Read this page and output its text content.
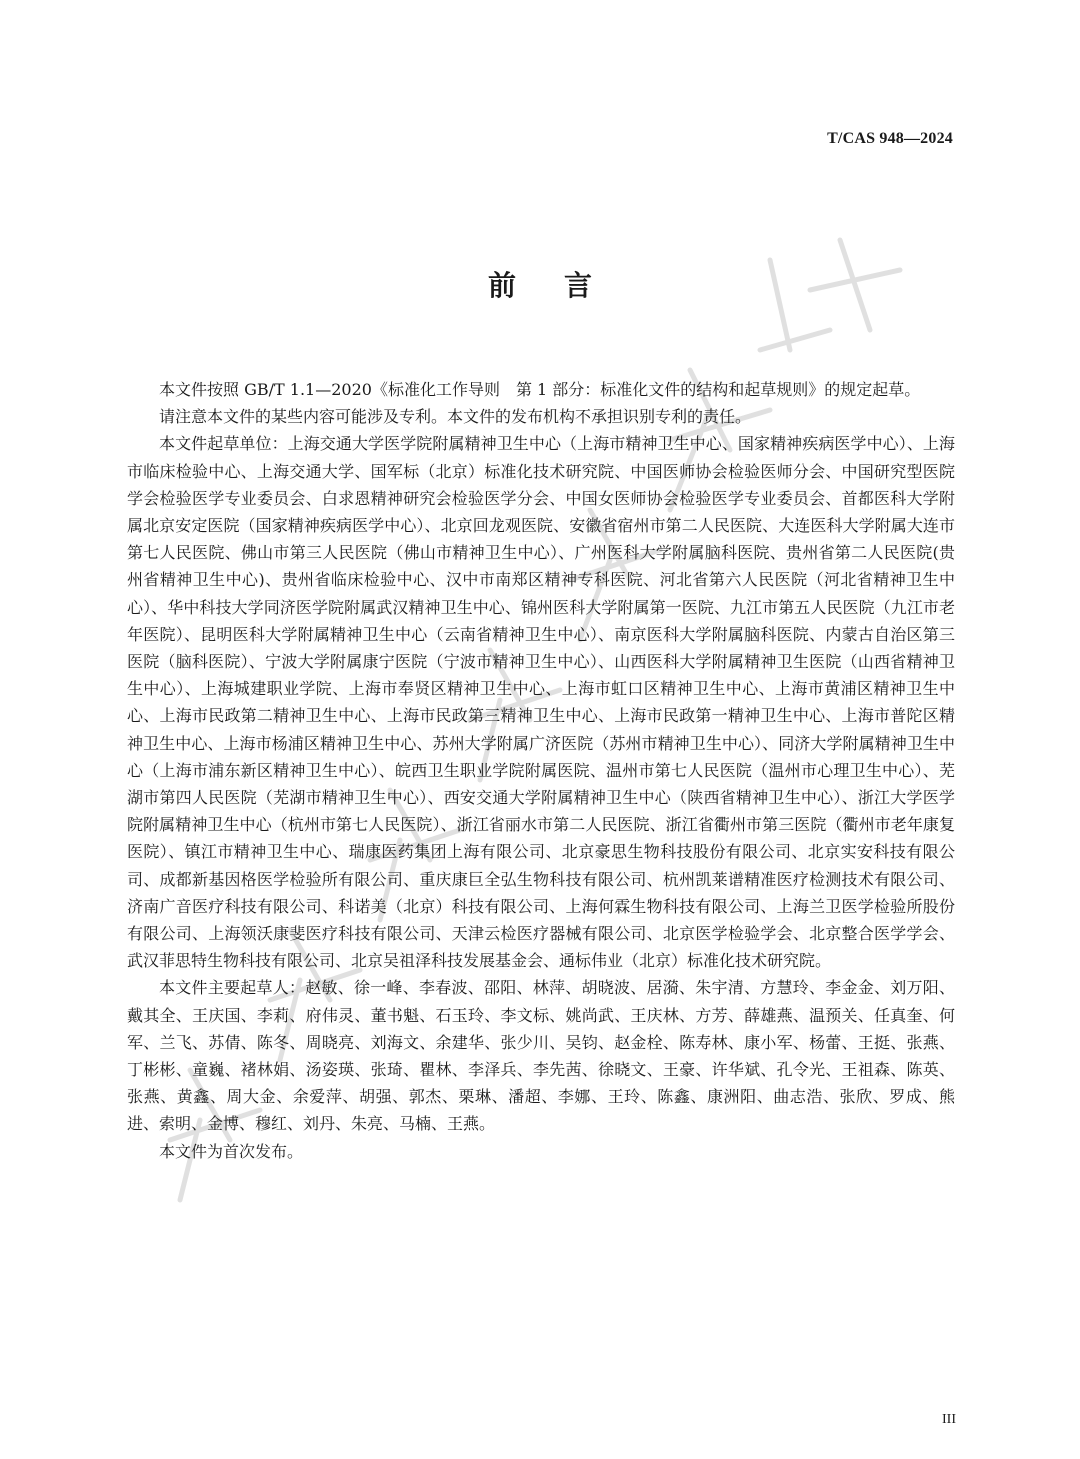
T/CAS 948—2024
前言

本文件按照 GB/T 1.1—2020《标准化工作导则　第 1 部分：标准化文件的结构和起草规则》的规定起草。

请注意本文件的某些内容可能涉及专利。本文件的发布机构不承担识别专利的责任。

本文件起草单位：上海交通大学医学院附属精神卫生中心（上海市精神卫生中心、国家精神疾病医学中心）、上海市临床检验中心、上海交通大学、国军标（北京）标准化技术研究院、中国医师协会检验医师分会、中国研究型医院学会检验医学专业委员会、白求恩精神研究会检验医学分会、中国女医师协会检验医学专业委员会、首都医科大学附属北京安定医院（国家精神疾病医学中心）、北京回龙观医院、安徽省宿州市第二人民医院、大连医科大学附属大连市第七人民医院、佛山市第三人民医院（佛山市精神卫生中心）、广州医科大学附属脑科医院、贵州省第二人民医院(贵州省精神卫生中心)、贵州省临床检验中心、汉中市南郑区精神专科医院、河北省第六人民医院（河北省精神卫生中心）、华中科技大学同济医学院附属武汉精神卫生中心、锦州医科大学附属第一医院、九江市第五人民医院（九江市老年医院）、昆明医科大学附属精神卫生中心（云南省精神卫生中心）、南京医科大学附属脑科医院、内蒙古自治区第三医院（脑科医院）、宁波大学附属康宁医院（宁波市精神卫生中心）、山西医科大学附属精神卫生医院（山西省精神卫生中心）、上海城建职业学院、上海市奉贤区精神卫生中心、上海市虹口区精神卫生中心、上海市黄浦区精神卫生中心、上海市民政第二精神卫生中心、上海市民政第三精神卫生中心、上海市民政第一精神卫生中心、上海市普陀区精神卫生中心、上海市杨浦区精神卫生中心、苏州大学附属广济医院（苏州市精神卫生中心）、同济大学附属精神卫生中心（上海市浦东新区精神卫生中心）、皖西卫生职业学院附属医院、温州市第七人民医院（温州市心理卫生中心）、芜湖市第四人民医院（芜湖市精神卫生中心）、西安交通大学附属精神卫生中心（陕西省精神卫生中心）、浙江大学医学院附属精神卫生中心（杭州市第七人民医院）、浙江省丽水市第二人民医院、浙江省衢州市第三医院（衢州市老年康复医院）、镇江市精神卫生中心、瑞康医药集团上海有限公司、北京豪思生物科技股份有限公司、北京实安科技有限公司、成都新基因格医学检验所有限公司、重庆康巨全弘生物科技有限公司、杭州凯莱谱精准医疗检测技术有限公司、济南广音医疗科技有限公司、科诺美（北京）科技有限公司、上海何霖生物科技有限公司、上海兰卫医学检验所股份有限公司、上海领沃康斐医疗科技有限公司、天津云检医疗器械有限公司、北京医学检验学会、北京整合医学学会、武汉菲思特生物科技有限公司、北京吴祖泽科技发展基金会、通标伟业（北京）标准化技术研究院。

本文件主要起草人：赵敏、徐一峰、李春波、邵阳、林萍、胡晓波、居漪、朱宇清、方慧玲、李金金、刘万阳、戴其全、王庆国、李莉、府伟灵、董书魁、石玉玲、李文标、姚尚武、王庆林、方芳、薛雄燕、温预关、任真奎、何军、兰飞、苏倩、陈冬、周晓亮、刘海文、余建华、张少川、吴钧、赵金栓、陈寿林、康小军、杨蕾、王挺、张燕、丁彬彬、童巍、褚林娟、汤姿瑛、张琦、瞿林、李泽兵、李先茜、徐晓文、王豪、许华斌、孔令光、王祖森、陈英、张燕、黄鑫、周大金、余爱萍、胡强、郭杰、栗琳、潘超、李娜、王玲、陈鑫、康洲阳、曲志浩、张欣、罗成、熊进、索明、金博、穆红、刘丹、朱亮、马楠、王燕。

本文件为首次发布。

III
